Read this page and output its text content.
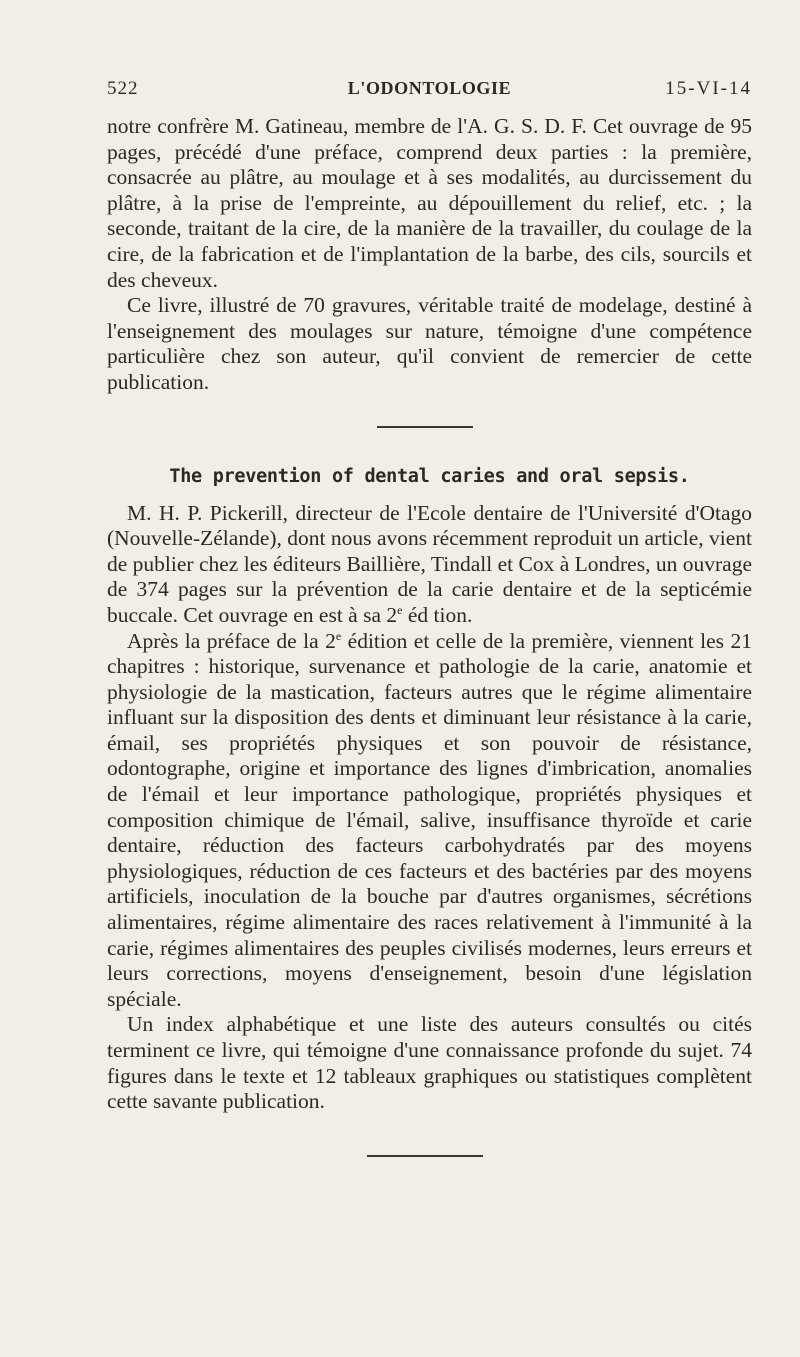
522	L'ODONTOLOGIE	15-VI-14

notre confrère M. Gatineau, membre de l'A. G. S. D. F. Cet ouvrage de 95 pages, précédé d'une préface, comprend deux parties : la première, consacrée au plâtre, au moulage et à ses modalités, au durcissement du plâtre, à la prise de l'empreinte, au dépouillement du relief, etc. ; la seconde, traitant de la cire, de la manière de la travailler, du coulage de la cire, de la fabrication et de l'implantation de la barbe, des cils, sourcils et des cheveux.

Ce livre, illustré de 70 gravures, véritable traité de modelage, destiné à l'enseignement des moulages sur nature, témoigne d'une compétence particulière chez son auteur, qu'il convient de remercier de cette publication.

The prevention of dental caries and oral sepsis.

M. H. P. Pickerill, directeur de l'Ecole dentaire de l'Université d'Otago (Nouvelle-Zélande), dont nous avons récemment reproduit un article, vient de publier chez les éditeurs Baillière, Tindall et Cox à Londres, un ouvrage de 374 pages sur la prévention de la carie dentaire et de la septicémie buccale. Cet ouvrage en est à sa 2e éd tion.

Après la préface de la 2e édition et celle de la première, viennent les 21 chapitres : historique, survenance et pathologie de la carie, anatomie et physiologie de la mastication, facteurs autres que le régime alimentaire influant sur la disposition des dents et diminuant leur résistance à la carie, émail, ses propriétés physiques et son pouvoir de résistance, odontographe, origine et importance des lignes d'imbrication, anomalies de l'émail et leur importance pathologique, propriétés physiques et composition chimique de l'émail, salive, insuffisance thyroïde et carie dentaire, réduction des facteurs carbohydratés par des moyens physiologiques, réduction de ces facteurs et des bactéries par des moyens artificiels, inoculation de la bouche par d'autres organismes, sécrétions alimentaires, régime alimentaire des races relativement à l'immunité à la carie, régimes alimentaires des peuples civilisés modernes, leurs erreurs et leurs corrections, moyens d'enseignement, besoin d'une législation spéciale.

Un index alphabétique et une liste des auteurs consultés ou cités terminent ce livre, qui témoigne d'une connaissance profonde du sujet. 74 figures dans le texte et 12 tableaux graphiques ou statistiques complètent cette savante publication.
